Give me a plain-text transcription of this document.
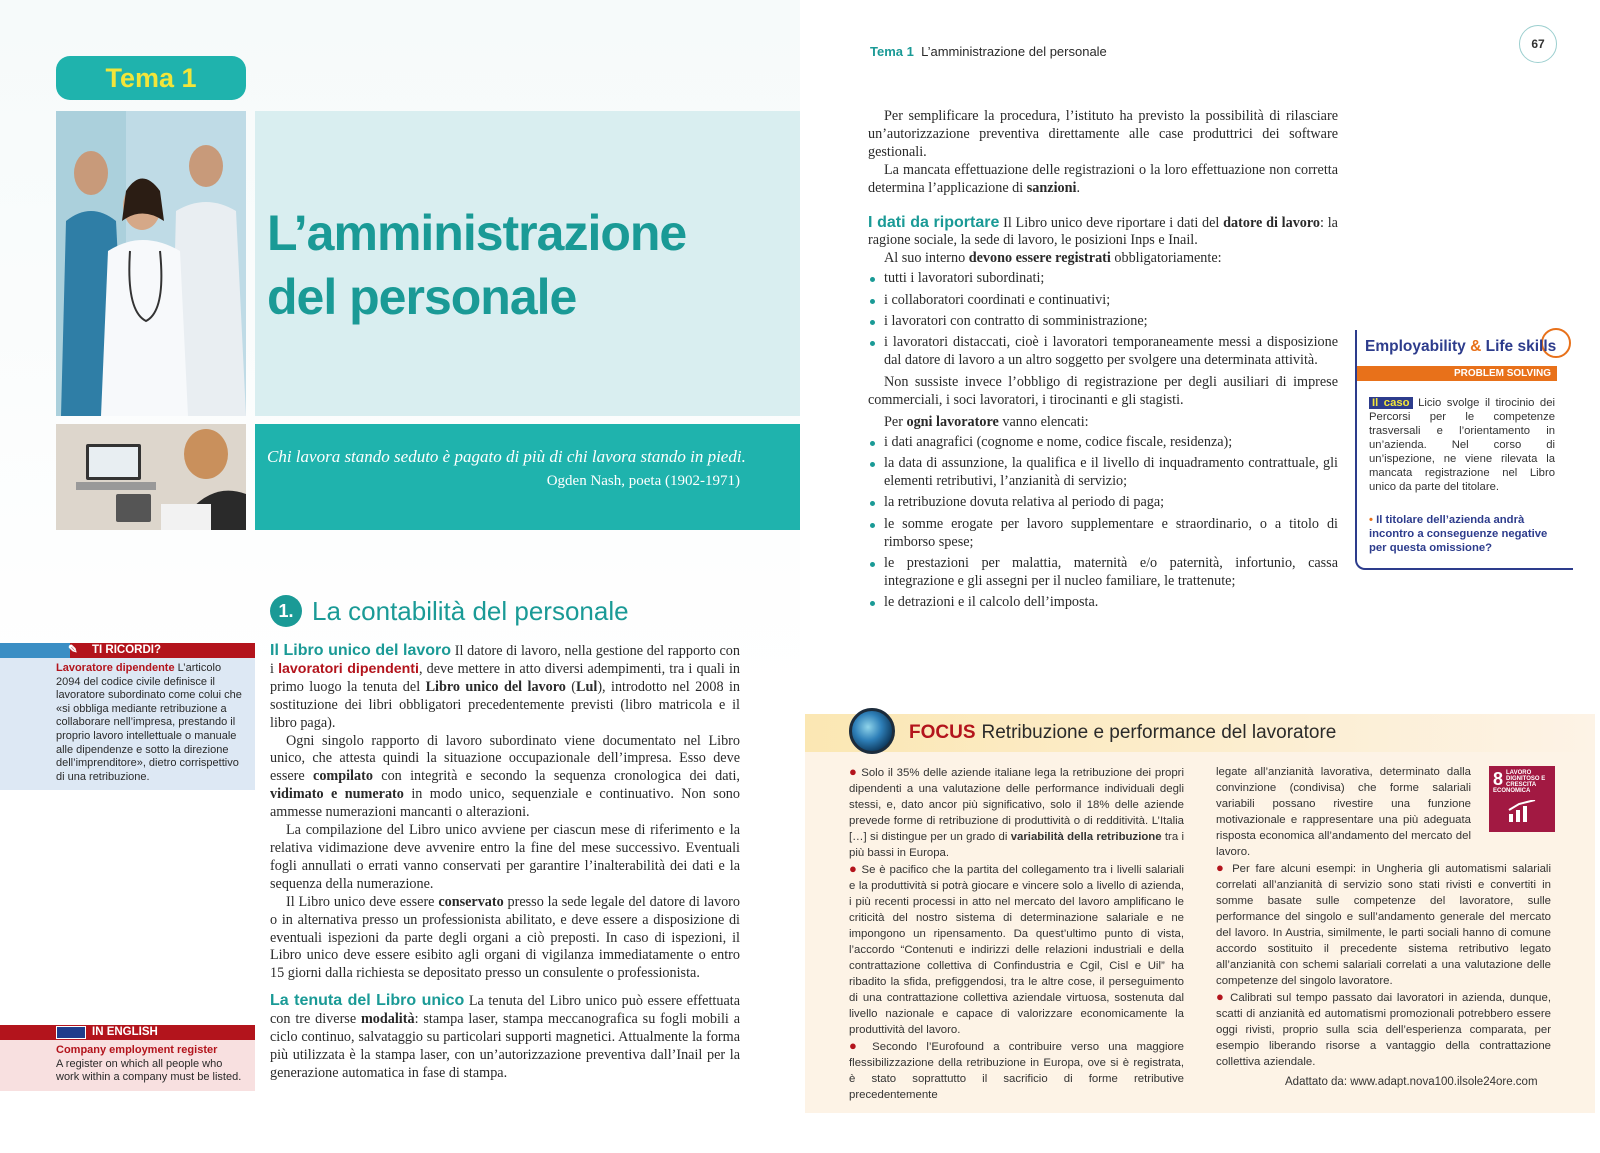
Tema 1
L’amministrazione
del personale
Chi lavora stando seduto è pagato di più di chi lavora stando in piedi.
Ogden Nash, poeta (1902-1971)
1. La contabilità del personale
✎ TI RICORDI?
Lavoratore dipendente L’articolo 2094 del codice civile definisce il lavoratore subordinato come colui che «si obbliga mediante retribuzione a collaborare nell’impresa, prestando il proprio lavoro intellettuale o manuale alle dipendenze e sotto la direzione dell’imprenditore», dietro corrispettivo di una retribuzione.
IN ENGLISH
Company employment register
A register on which all people who work within a company must be listed.

Il Libro unico del lavoro Il datore di lavoro, nella gestione del rapporto con i lavoratori dipendenti, deve mettere in atto diversi adempimenti, tra i quali in primo luogo la tenuta del Libro unico del lavoro (Lul), introdotto nel 2008 in sostituzione dei libri obbligatori precedentemente previsti (libro matricola e il libro paga).

Ogni singolo rapporto di lavoro subordinato viene documentato nel Libro unico, che attesta quindi la situazione occupazionale dell’impresa. Esso deve essere compilato con integrità e secondo la sequenza cronologica dei dati, vidimato e numerato in modo unico, sequenziale e continuativo. Non sono ammesse numerazioni mancanti o alterazioni.

La compilazione del Libro unico avviene per ciascun mese di riferimento e la relativa vidimazione deve avvenire entro la fine del mese successivo. Eventuali fogli annullati o errati vanno conservati per garantire l’inalterabilità dei dati e la sequenza della numerazione.

Il Libro unico deve essere conservato presso la sede legale del datore di lavoro o in alternativa presso un professionista abilitato, e deve essere a disposizione di eventuali ispezioni da parte degli organi a ciò preposti. In caso di ispezioni, il Libro unico deve essere esibito agli organi di vigilanza immediatamente o entro 15 giorni dalla richiesta se depositato presso un consulente o professionista.

La tenuta del Libro unico La tenuta del Libro unico può essere effettuata con tre diverse modalità: stampa laser, stampa meccanografica su fogli mobili a ciclo continuo, salvataggio su particolari supporti magnetici. Attualmente la forma più utilizzata è la stampa laser, con un’autorizzazione preventiva dall’Inail per la generazione automatica in fase di stampa.

Tema 1 L’amministrazione del personale	67

Per semplificare la procedura, l’istituto ha previsto la possibilità di rilasciare un’autorizzazione preventiva direttamente alle case produttrici dei software gestionali.

La mancata effettuazione delle registrazioni o la loro effettuazione non corretta determina l’applicazione di sanzioni.

I dati da riportare Il Libro unico deve riportare i dati del datore di lavoro: la ragione sociale, la sede di lavoro, le posizioni Inps e Inail.

Al suo interno devono essere registrati obbligatoriamente:

tutti i lavoratori subordinati;
i collaboratori coordinati e continuativi;
i lavoratori con contratto di somministrazione;
i lavoratori distaccati, cioè i lavoratori temporaneamente messi a disposizione dal datore di lavoro a un altro soggetto per svolgere una determinata attività.

Non sussiste invece l’obbligo di registrazione per degli ausiliari di imprese commerciali, i soci lavoratori, i tirocinanti e gli stagisti.

Per ogni lavoratore vanno elencati:

i dati anagrafici (cognome e nome, codice fiscale, residenza);
la data di assunzione, la qualifica e il livello di inquadramento contrattuale, gli elementi retributivi, l’anzianità di servizio;
la retribuzione dovuta relativa al periodo di paga;
le somme erogate per lavoro supplementare e straordinario, o a titolo di rimborso spese;
le prestazioni per malattia, maternità e/o paternità, infortunio, cassa integrazione e gli assegni per il nucleo familiare, le trattenute;
le detrazioni e il calcolo dell’imposta.
Employability & Life skills
PROBLEM SOLVING
Il caso Licio svolge il tirocinio dei Percorsi per le competenze trasversali e l’orientamento in un’azienda. Nel corso di un’ispezione, ne viene rilevata la mancata registrazione nel Libro unico da parte del titolare.
• Il titolare dell’azienda andrà incontro a conseguenze negative per questa omissione?
FOCUS Retribuzione e performance del lavoratore

● Solo il 35% delle aziende italiane lega la retribuzione dei propri dipendenti a una valutazione delle performance individuali degli stessi, e, dato ancor più significativo, solo il 18% delle aziende prevede forme di retribuzione di produttività o di redditività. L’Italia […] si distingue per un grado di variabilità della retribuzione tra i più bassi in Europa.

● Se è pacifico che la partita del collegamento tra i livelli salariali e la produttività si potrà giocare e vincere solo a livello di azienda, i più recenti processi in atto nel mercato del lavoro amplificano le criticità del nostro sistema di determinazione salariale e ne impongono un ripensamento. Da quest’ultimo punto di vista, l’accordo “Contenuti e indirizzi delle relazioni industriali e della contrattazione collettiva di Confindustria e Cgil, Cisl e Uil” ha ribadito la sfida, prefiggendosi, tra le altre cose, il perseguimento di una contrattazione collettiva aziendale virtuosa, sostenuta dal livello nazionale e capace di valorizzare economicamente la produttività del lavoro.

● Secondo l’Eurofound a contribuire verso una maggiore flessibilizzazione della retribuzione in Europa, ove si è registrata, è stato soprattutto il sacrificio di forme retributive precedentemente

legate all’anzianità lavorativa, determinato dalla convinzione (condivisa) che forme salariali variabili possano rivestire una funzione motivazionale e rappresentare una più adeguata risposta economica all’andamento del mercato del lavoro.

● Per fare alcuni esempi: in Ungheria gli automatismi salariali correlati all’anzianità di servizio sono stati rivisti e convertiti in somme basate sulle competenze del lavoratore, sulle performance del singolo e sull’andamento generale del mercato del lavoro. In Austria, similmente, le parti sociali hanno di comune accordo sostituito il precedente sistema retributivo legato all’anzianità con schemi salariali correlati a una valutazione delle competenze del singolo lavoratore.

● Calibrati sul tempo passato dai lavoratori in azienda, dunque, scatti di anzianità ed automatismi promozionali potrebbero essere oggi rivisti, proprio sulla scia dell’esperienza comparata, per esempio liberando risorse a vantaggio della contrattazione collettiva aziendale.

8 LAVORO DIGNITOSO E CRESCITA ECONOMICA
Adattato da: www.adapt.nova100.ilsole24ore.com
